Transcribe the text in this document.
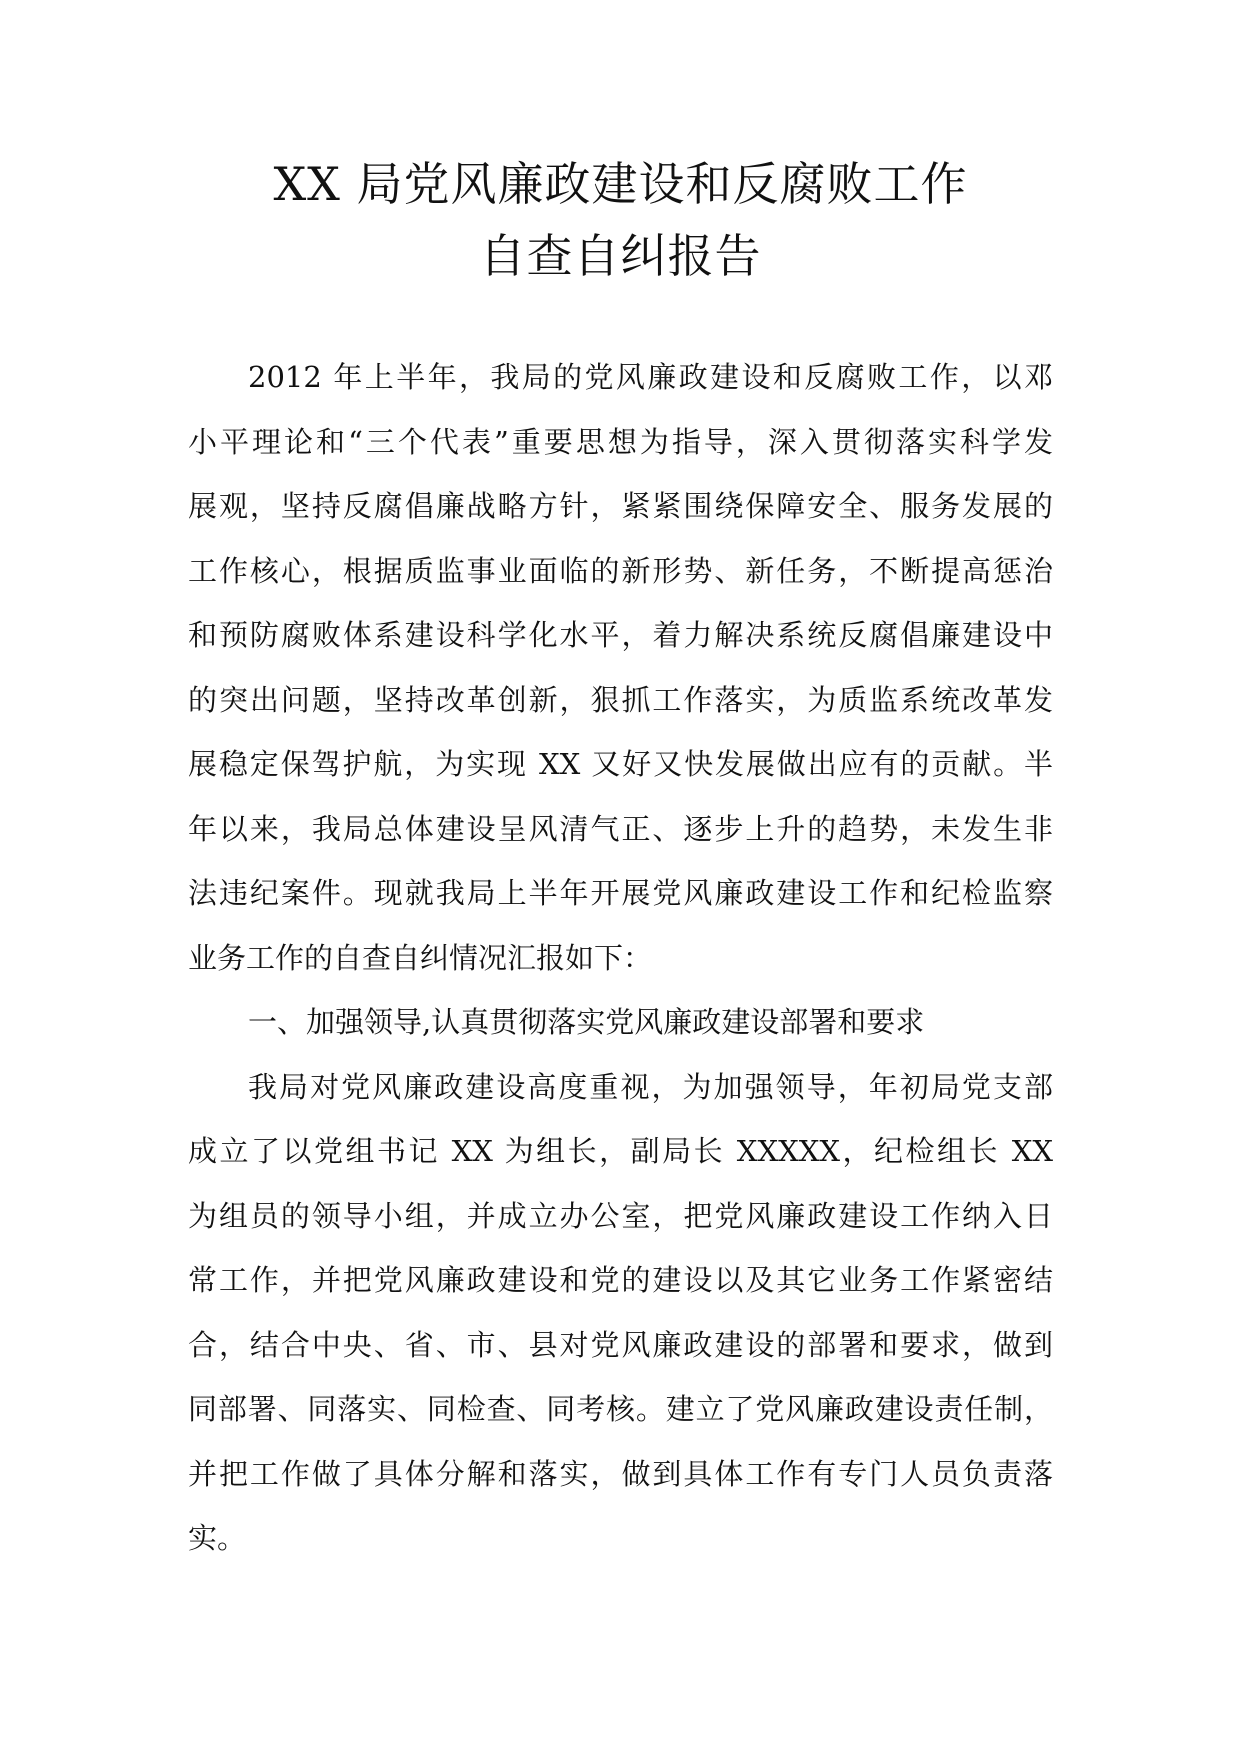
XX 局党风廉政建设和反腐败工作
自查自纠报告
2012 年上半年，我局的党风廉政建设和反腐败工作，以邓
小平理论和“三个代表”重要思想为指导，深入贯彻落实科学发
展观，坚持反腐倡廉战略方针，紧紧围绕保障安全、服务发展的
工作核心，根据质监事业面临的新形势、新任务，不断提高惩治
和预防腐败体系建设科学化水平，着力解决系统反腐倡廉建设中
的突出问题，坚持改革创新，狠抓工作落实，为质监系统改革发
展稳定保驾护航，为实现 XX 又好又快发展做出应有的贡献。半
年以来，我局总体建设呈风清气正、逐步上升的趋势，未发生非
法违纪案件。现就我局上半年开展党风廉政建设工作和纪检监察
业务工作的自查自纠情况汇报如下：
一、加强领导,认真贯彻落实党风廉政建设部署和要求
我局对党风廉政建设高度重视，为加强领导，年初局党支部
成立了以党组书记 XX 为组长，副局长 XXXXX，纪检组长 XX
为组员的领导小组，并成立办公室，把党风廉政建设工作纳入日
常工作，并把党风廉政建设和党的建设以及其它业务工作紧密结
合，结合中央、省、市、县对党风廉政建设的部署和要求，做到
同部署、同落实、同检查、同考核。建立了党风廉政建设责任制，
并把工作做了具体分解和落实，做到具体工作有专门人员负责落
实。
